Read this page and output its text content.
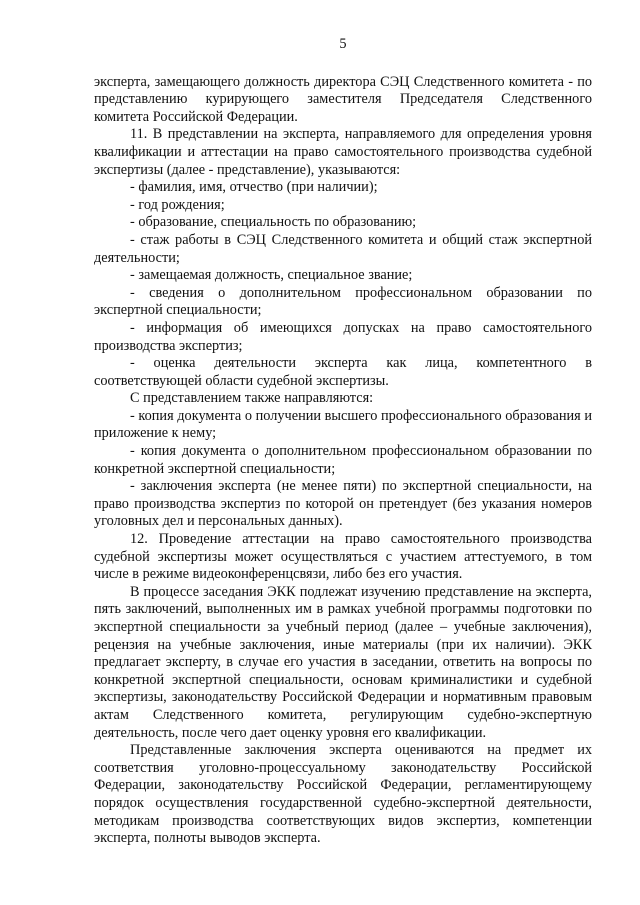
5

эксперта, замещающего должность директора СЭЦ Следственного комитета - по представлению курирующего заместителя Председателя Следственного комитета Российской Федерации.

11. В представлении на эксперта, направляемого для определения уровня квалификации и аттестации на право самостоятельного производства судебной экспертизы (далее - представление), указываются:

- фамилия, имя, отчество (при наличии);

- год рождения;

- образование, специальность по образованию;

- стаж работы в СЭЦ Следственного комитета и общий стаж экспертной деятельности;

- замещаемая должность, специальное звание;

- сведения о дополнительном профессиональном образовании по экспертной специальности;

- информация об имеющихся допусках на право самостоятельного производства экспертиз;

- оценка деятельности эксперта как лица, компетентного в соответствующей области судебной экспертизы.

С представлением также направляются:

- копия документа о получении высшего профессионального образования и приложение к нему;

- копия документа о дополнительном профессиональном образовании по конкретной экспертной специальности;

- заключения эксперта (не менее пяти) по экспертной специальности, на право производства экспертиз по которой он претендует (без указания номеров уголовных дел и персональных данных).

12. Проведение аттестации на право самостоятельного производства судебной экспертизы может осуществляться с участием аттестуемого, в том числе в режиме видеоконференцсвязи, либо без его участия.

В процессе заседания ЭКК подлежат изучению представление на эксперта, пять заключений, выполненных им в рамках учебной программы подготовки по экспертной специальности за учебный период (далее – учебные заключения), рецензия на учебные заключения, иные материалы (при их наличии). ЭКК предлагает эксперту, в случае его участия в заседании, ответить на вопросы по конкретной экспертной специальности, основам криминалистики и судебной экспертизы, законодательству Российской Федерации и нормативным правовым актам Следственного комитета, регулирующим судебно-экспертную деятельность, после чего дает оценку уровня его квалификации.

Представленные заключения эксперта оцениваются на предмет их соответствия уголовно-процессуальному законодательству Российской Федерации, законодательству Российской Федерации, регламентирующему порядок осуществления государственной судебно-экспертной деятельности, методикам производства соответствующих видов экспертиз, компетенции эксперта, полноты выводов эксперта.
